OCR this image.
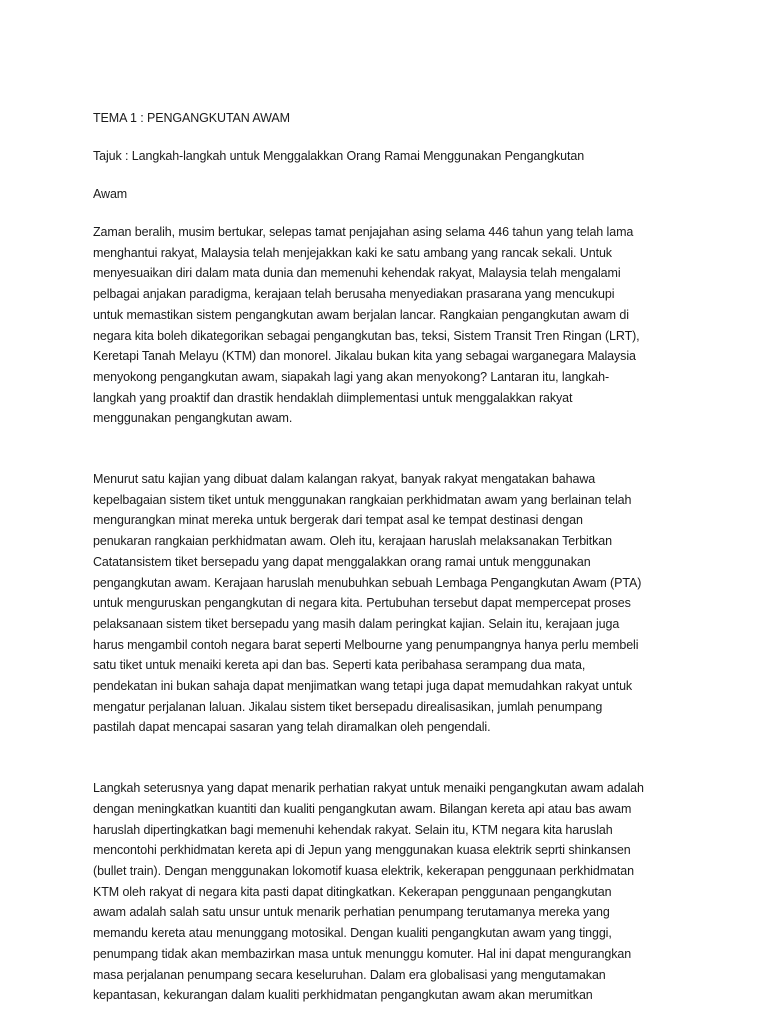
TEMA 1 : PENGANGKUTAN AWAM

Tajuk : Langkah-langkah untuk Menggalakkan Orang Ramai Menggunakan Pengangkutan

Awam

Zaman beralih, musim bertukar, selepas tamat penjajahan asing selama 446 tahun yang telah lama
menghantui rakyat, Malaysia telah menjejakkan kaki ke satu ambang yang rancak sekali. Untuk
menyesuaikan diri dalam mata dunia dan memenuhi kehendak rakyat, Malaysia telah mengalami
pelbagai anjakan paradigma, kerajaan telah berusaha menyediakan prasarana yang mencukupi
untuk memastikan sistem pengangkutan awam berjalan lancar. Rangkaian pengangkutan awam di
negara kita boleh dikategorikan sebagai pengangkutan bas, teksi, Sistem Transit Tren Ringan (LRT),
Keretapi Tanah Melayu (KTM) dan monorel. Jikalau bukan kita yang sebagai warganegara Malaysia
menyokong pengangkutan awam, siapakah lagi yang akan menyokong? Lantaran itu, langkah-
langkah yang proaktif dan drastik hendaklah diimplementasi untuk menggalakkan rakyat
menggunakan pengangkutan awam.

Menurut satu kajian yang dibuat dalam kalangan rakyat, banyak rakyat mengatakan bahawa
kepelbagaian sistem tiket untuk menggunakan rangkaian perkhidmatan awam yang berlainan telah
mengurangkan minat mereka untuk bergerak dari tempat asal ke tempat destinasi dengan
penukaran rangkaian perkhidmatan awam. Oleh itu, kerajaan haruslah melaksanakan Terbitkan
Catatansistem tiket bersepadu yang dapat menggalakkan orang ramai untuk menggunakan
pengangkutan awam. Kerajaan haruslah menubuhkan sebuah Lembaga Pengangkutan Awam (PTA)
untuk menguruskan pengangkutan di negara kita. Pertubuhan tersebut dapat mempercepat proses
pelaksanaan sistem tiket bersepadu yang masih dalam peringkat kajian. Selain itu, kerajaan juga
harus mengambil contoh negara barat seperti Melbourne yang penumpangnya hanya perlu membeli
satu tiket untuk menaiki kereta api dan bas. Seperti kata peribahasa serampang dua mata,
pendekatan ini bukan sahaja dapat menjimatkan wang tetapi juga dapat memudahkan rakyat untuk
mengatur perjalanan laluan. Jikalau sistem tiket bersepadu direalisasikan, jumlah penumpang
pastilah dapat mencapai sasaran yang telah diramalkan oleh pengendali.

Langkah seterusnya yang dapat menarik perhatian rakyat untuk menaiki pengangkutan awam adalah
dengan meningkatkan kuantiti dan kualiti pengangkutan awam. Bilangan kereta api atau bas awam
haruslah dipertingkatkan bagi memenuhi kehendak rakyat. Selain itu, KTM negara kita haruslah
mencontohi perkhidmatan kereta api di Jepun yang menggunakan kuasa elektrik seprti shinkansen
(bullet train). Dengan menggunakan lokomotif kuasa elektrik, kekerapan penggunaan perkhidmatan
KTM oleh rakyat di negara kita pasti dapat ditingkatkan. Kekerapan penggunaan pengangkutan
awam adalah salah satu unsur untuk menarik perhatian penumpang terutamanya mereka yang
memandu kereta atau menunggang motosikal. Dengan kualiti pengangkutan awam yang tinggi,
penumpang tidak akan membazirkan masa untuk menunggu komuter. Hal ini dapat mengurangkan
masa perjalanan penumpang secara keseluruhan. Dalam era globalisasi yang mengutamakan
kepantasan, kekurangan dalam kualiti perkhidmatan pengangkutan awam akan merumitkan
